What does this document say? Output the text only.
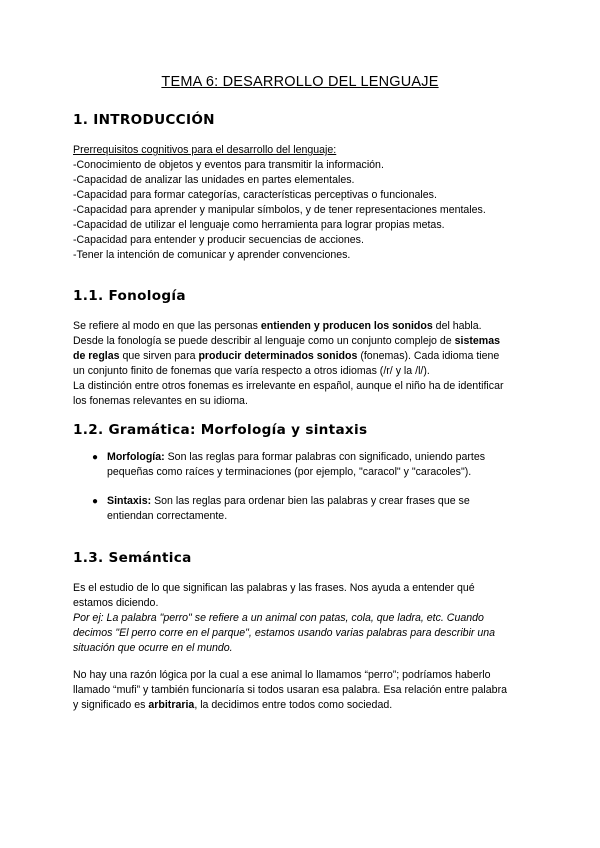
TEMA 6: DESARROLLO DEL LENGUAJE
1. INTRODUCCIÓN
Prerrequisitos cognitivos para el desarrollo del lenguaje:
-Conocimiento de objetos y eventos para transmitir la información.
-Capacidad de analizar las unidades en partes elementales.
-Capacidad para formar categorías, características perceptivas o funcionales.
-Capacidad para aprender y manipular símbolos, y de tener representaciones mentales.
-Capacidad de utilizar el lenguaje como herramienta para lograr propias metas.
-Capacidad para entender y producir secuencias de acciones.
-Tener la intención de comunicar y aprender convenciones.
1.1. Fonología
Se refiere al modo en que las personas entienden y producen los sonidos del habla.
Desde la fonología se puede describir al lenguaje como un conjunto complejo de sistemas
de reglas que sirven para producir determinados sonidos (fonemas). Cada idioma tiene
un conjunto finito de fonemas que varía respecto a otros idiomas (/r/ y la /l/).
La distinción entre otros fonemas es irrelevante en español, aunque el niño ha de identificar
los fonemas relevantes en su idioma.
1.2. Gramática: Morfología y sintaxis
● Morfología: Son las reglas para formar palabras con significado, uniendo partes
pequeñas como raíces y terminaciones (por ejemplo, "caracol" y "caracoles").
● Sintaxis: Son las reglas para ordenar bien las palabras y crear frases que se
entiendan correctamente.
1.3. Semántica
Es el estudio de lo que significan las palabras y las frases. Nos ayuda a entender qué
estamos diciendo.
Por ej: La palabra "perro" se refiere a un animal con patas, cola, que ladra, etc. Cuando
decimos "El perro corre en el parque", estamos usando varias palabras para describir una
situación que ocurre en el mundo.
No hay una razón lógica por la cual a ese animal lo llamamos “perro”; podríamos haberlo
llamado “mufi” y también funcionaría si todos usaran esa palabra. Esa relación entre palabra
y significado es arbitraria, la decidimos entre todos como sociedad.
